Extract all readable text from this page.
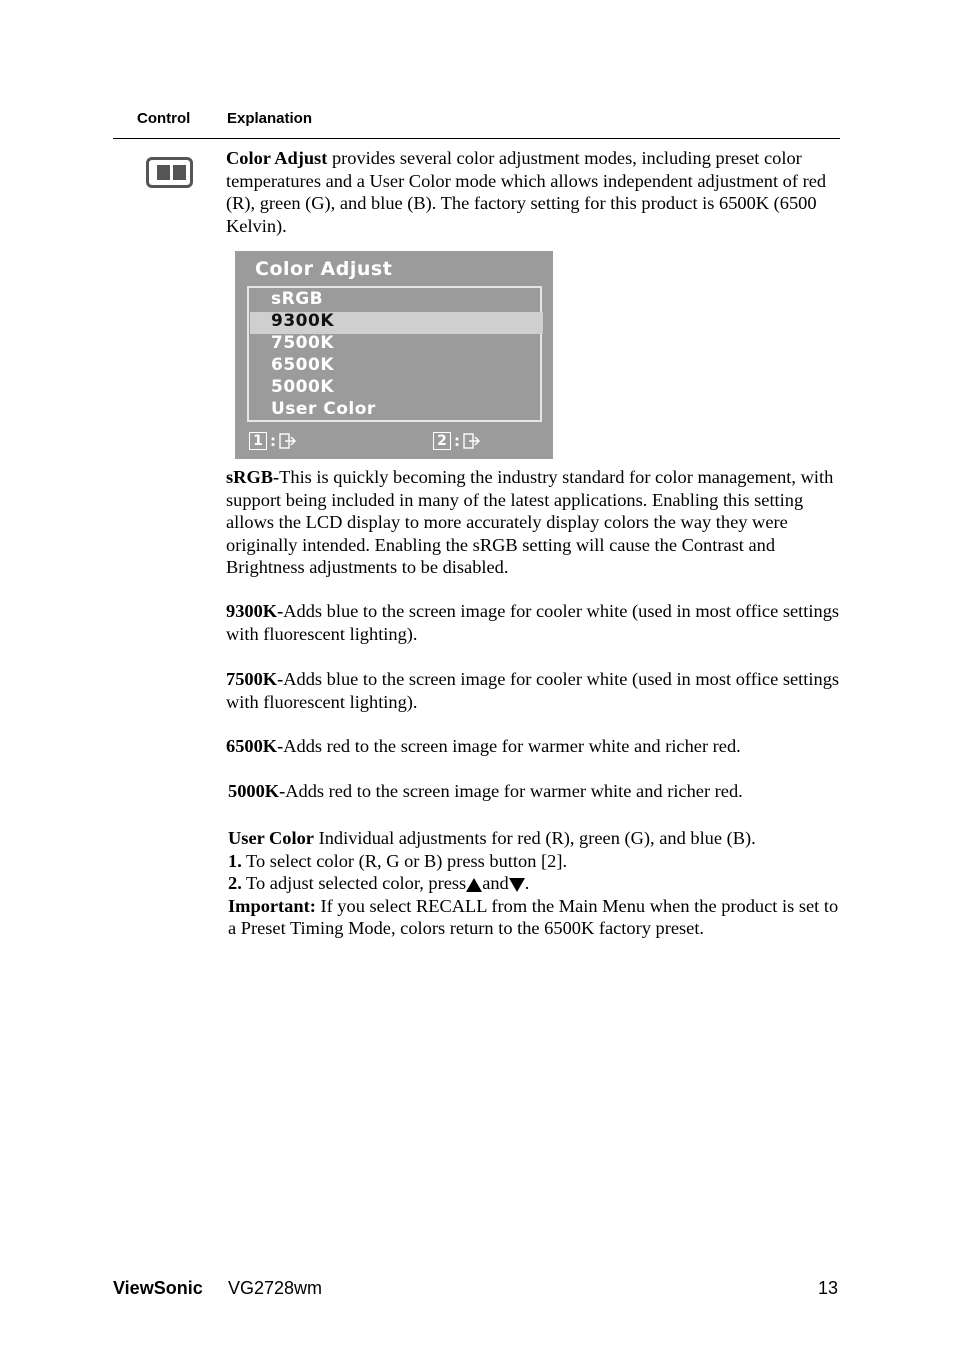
Control Explanation
Color Adjust provides several color adjustment modes, including preset color temperatures and a User Color mode which allows independent adjustment of red (R), green (G), and blue (B). The factory setting for this product is 6500K (6500 Kelvin).
Color Adjust
sRGB
9300K
7500K
6500K
5000K
User Color
1 :	2 :
sRGB-This is quickly becoming the industry standard for color management, with support being included in many of the latest applications. Enabling this setting allows the LCD display to more accurately display colors the way they were originally intended. Enabling the sRGB setting will cause the Contrast and Brightness adjustments to be disabled.
9300K-Adds blue to the screen image for cooler white (used in most office settings with fluorescent lighting).
7500K-Adds blue to the screen image for cooler white (used in most office settings with fluorescent lighting).
6500K-Adds red to the screen image for warmer white and richer red.
5000K-Adds red to the screen image for warmer white and richer red.
User Color Individual adjustments for red (R), green (G), and blue (B).
1. To select color (R, G or B) press button [2].
2. To adjust selected color, press and .
Important: If you select RECALL from the Main Menu when the product is set to a Preset Timing Mode, colors return to the 6500K factory preset.
ViewSonic VG2728wm	13
